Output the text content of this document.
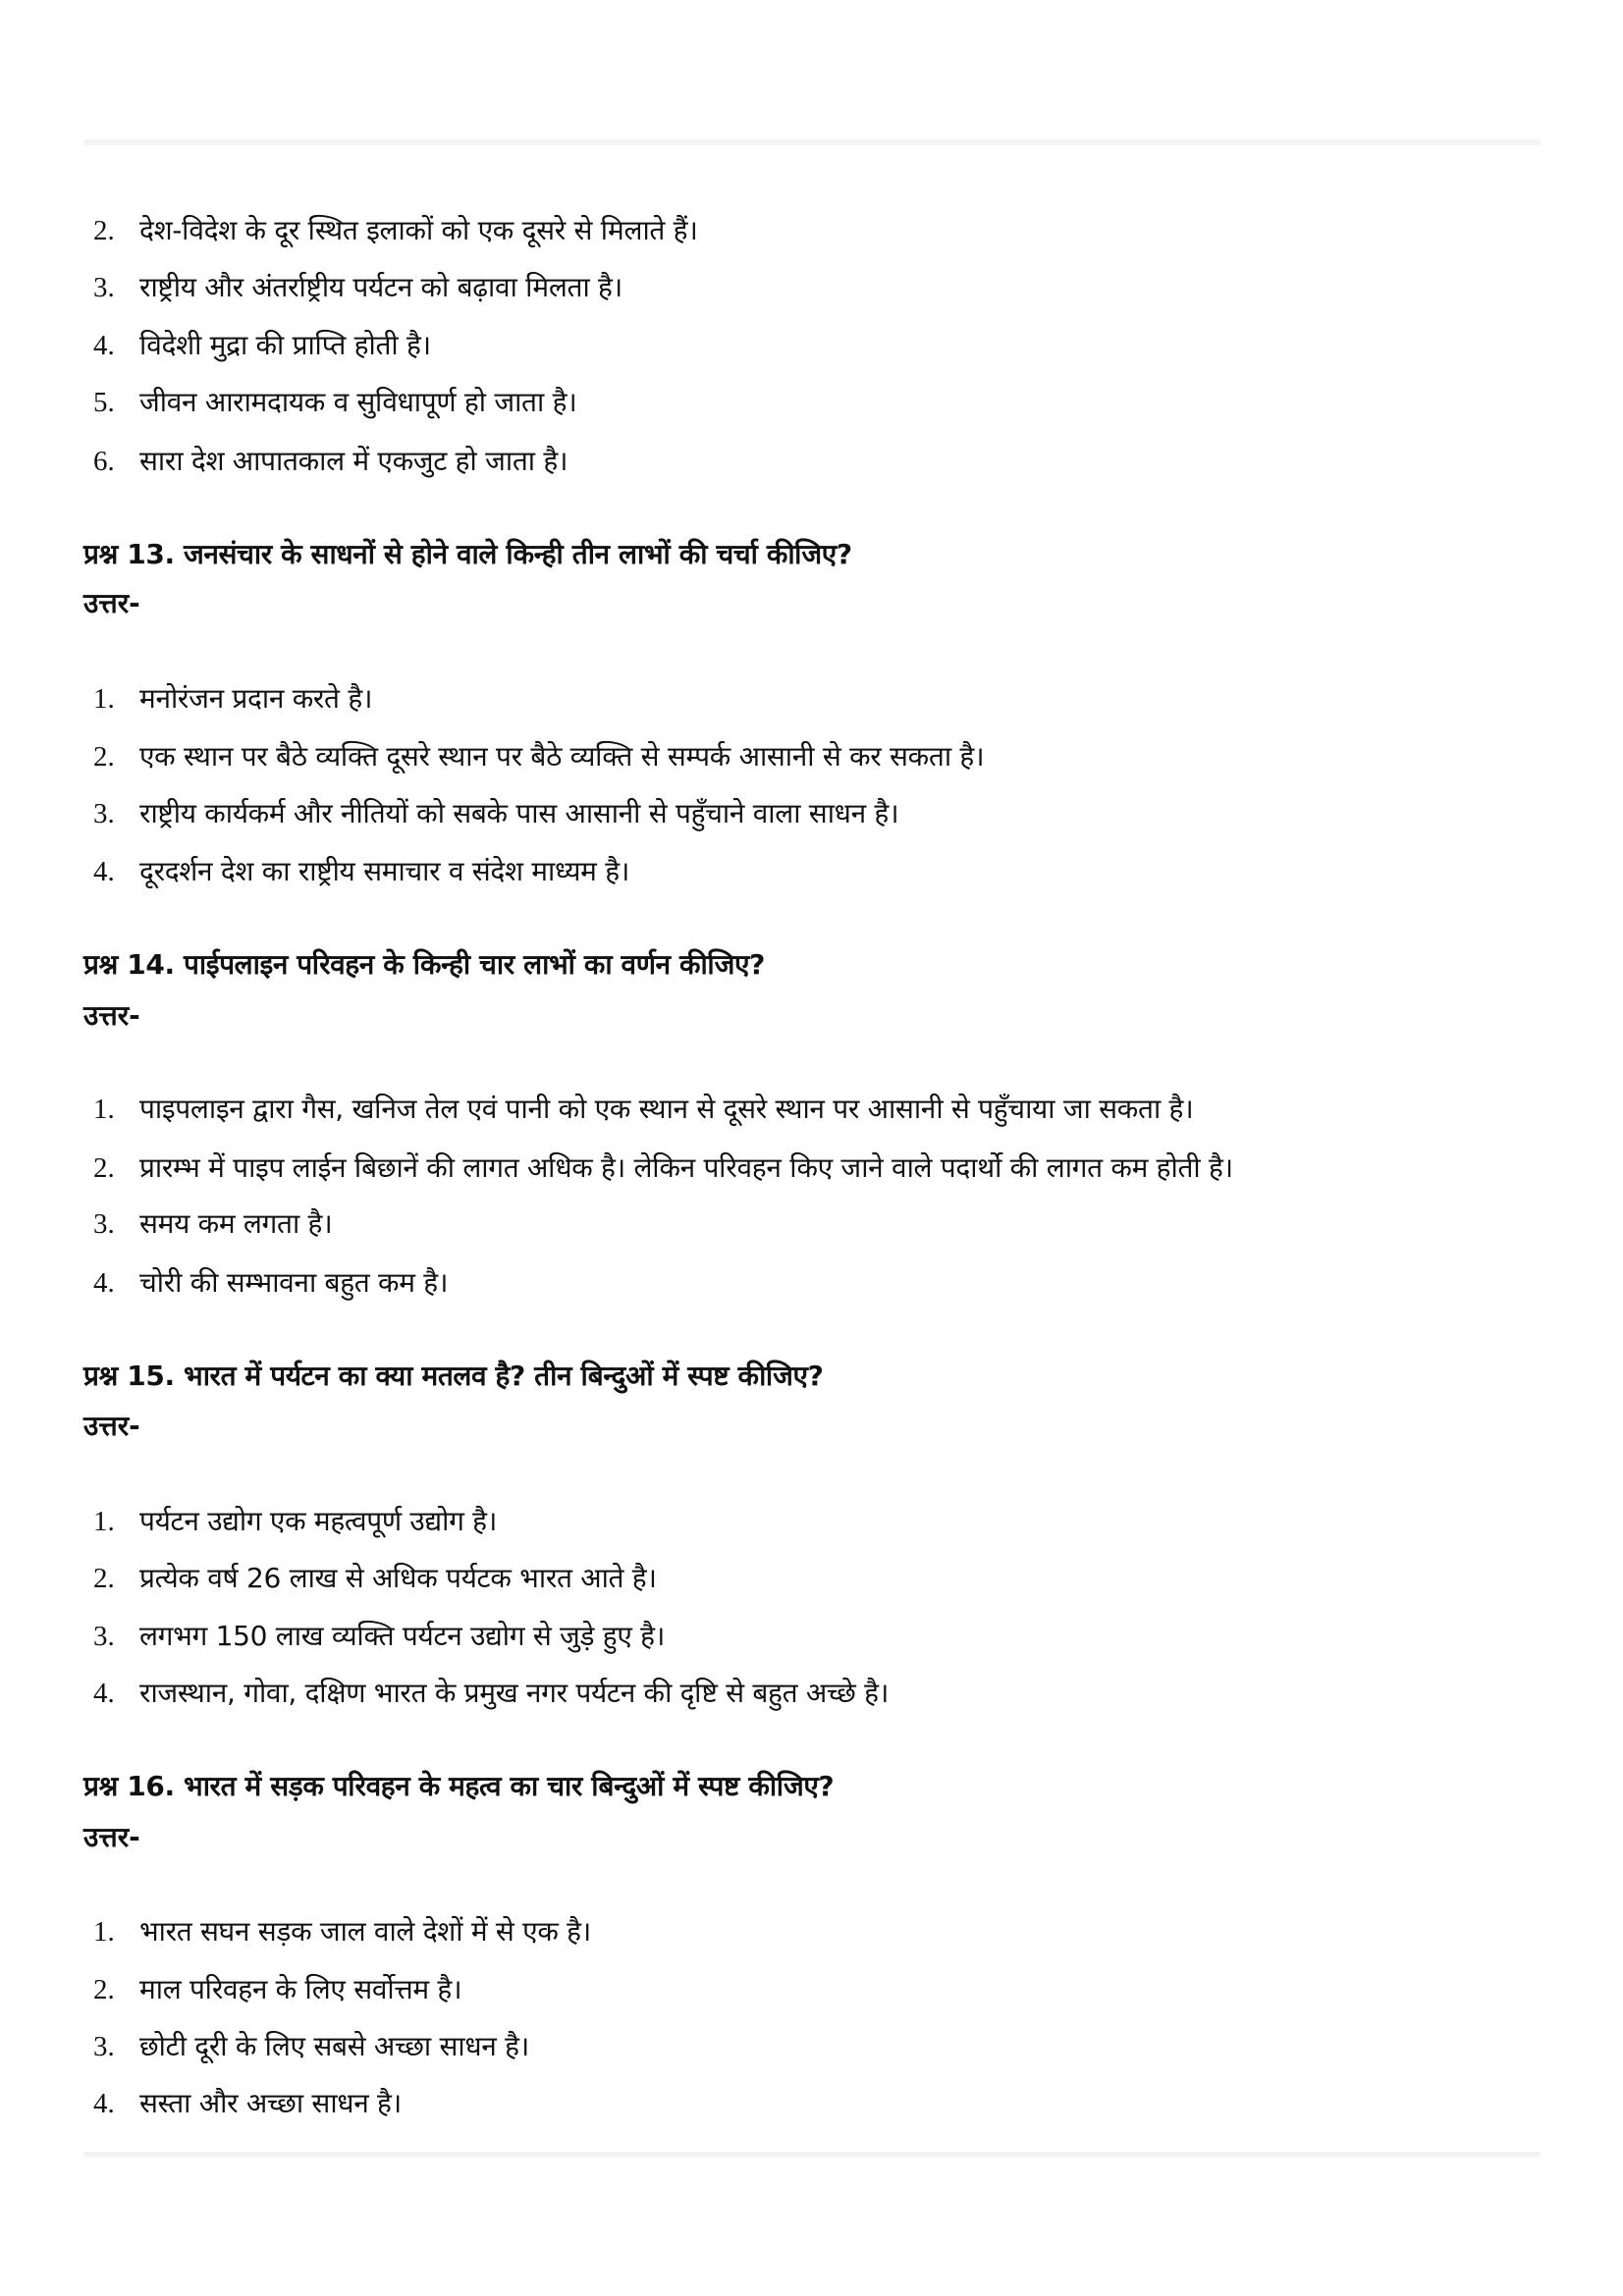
2. देश-विदेश के दूर स्थित इलाकों को एक दूसरे से मिलाते हैं।
3. राष्ट्रीय और अंतर्राष्ट्रीय पर्यटन को बढ़ावा मिलता है।
4. विदेशी मुद्रा की प्राप्ति होती है।
5. जीवन आरामदायक व सुविधापूर्ण हो जाता है।
6. सारा देश आपातकाल में एकजुट हो जाता है।
प्रश्न 13. जनसंचार के साधनों से होने वाले किन्ही तीन लाभों की चर्चा कीजिए?
उत्तर-
1. मनोरंजन प्रदान करते है।
2. एक स्थान पर बैठे व्यक्ति दूसरे स्थान पर बैठे व्यक्ति से सम्पर्क आसानी से कर सकता है।
3. राष्ट्रीय कार्यकर्म और नीतियों को सबके पास आसानी से पहुँचाने वाला साधन है।
4. दूरदर्शन देश का राष्ट्रीय समाचार व संदेश माध्यम है।
प्रश्न 14. पाईपलाइन परिवहन के किन्ही चार लाभों का वर्णन कीजिए?
उत्तर-
1. पाइपलाइन द्वारा गैस, खनिज तेल एवं पानी को एक स्थान से दूसरे स्थान पर आसानी से पहुँचाया जा सकता है।
2. प्रारम्भ में पाइप लाईन बिछानें की लागत अधिक है। लेकिन परिवहन किए जाने वाले पदार्थो की लागत कम होती है।
3. समय कम लगता है।
4. चोरी की सम्भावना बहुत कम है।
प्रश्न 15. भारत में पर्यटन का क्या मतलव है? तीन बिन्दुओं में स्पष्ट कीजिए?
उत्तर-
1. पर्यटन उद्योग एक महत्वपूर्ण उद्योग है।
2. प्रत्येक वर्ष 26 लाख से अधिक पर्यटक भारत आते है।
3. लगभग 150 लाख व्यक्ति पर्यटन उद्योग से जुड़े हुए है।
4. राजस्थान, गोवा, दक्षिण भारत के प्रमुख नगर पर्यटन की दृष्टि से बहुत अच्छे है।
प्रश्न 16. भारत में सड़क परिवहन के महत्व का चार बिन्दुओं में स्पष्ट कीजिए?
उत्तर-
1. भारत सघन सड़क जाल वाले देशों में से एक है।
2. माल परिवहन के लिए सर्वोत्तम है।
3. छोटी दूरी के लिए सबसे अच्छा साधन है।
4. सस्ता और अच्छा साधन है।
